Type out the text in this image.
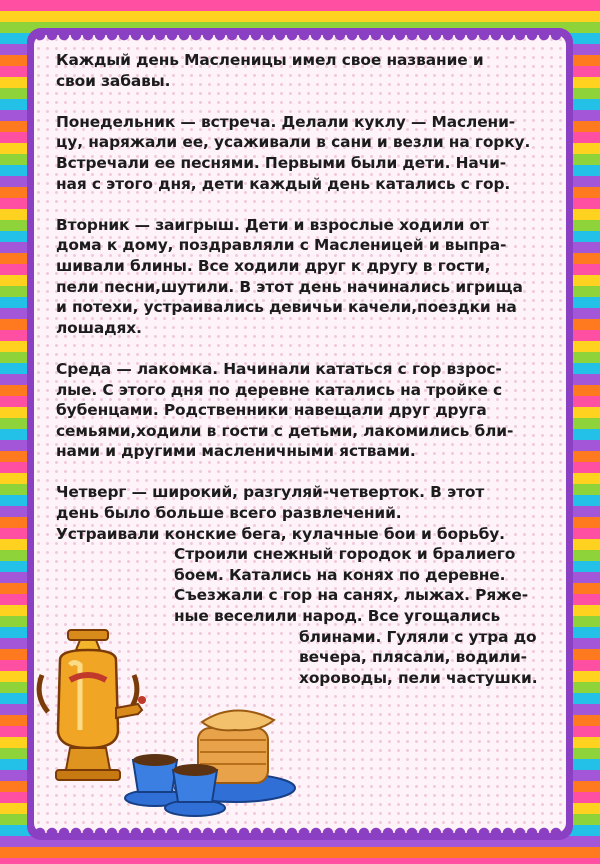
Каждый день Масленицы имел свое название и
свои забавы.

Понедельник — встреча. Делали куклу — Маслени-
цу, наряжали ее, усаживали в сани и везли на горку.
Встречали ее песнями. Первыми были дети. Начи-
ная с этого дня, дети каждый день катались с гор.

Вторник — заигрыш. Дети и взрослые ходили от
дома к дому, поздравляли с Масленицей и выпра-
шивали блины. Все ходили друг к другу в гости,
пели песни,шутили. В этот день начинались игрища
и потехи, устраивались девичьи качели,поездки на
лошадях.

Среда — лакомка. Начинали кататься с гор взрос-
лые. С этого дня по деревне катались на тройке с
бубенцами. Родственники навещали друг друга
семьями,ходили в гости с детьми, лакомились бли-
нами и другими масленичными яствами.

Четверг — широкий, разгуляй-четверток. В этот
день было больше всего развлечений.
Устраивали конские бега, кулачные бои и борьбу.
Строили снежный городок и бралиего
боем. Катались на конях по деревне.
Съезжали с гор на санях, лыжах. Ряже-
ные веселили народ. Все угощались
блинами. Гуляли с утра до
вечера, плясали, водили-
хороводы, пели частушки.
